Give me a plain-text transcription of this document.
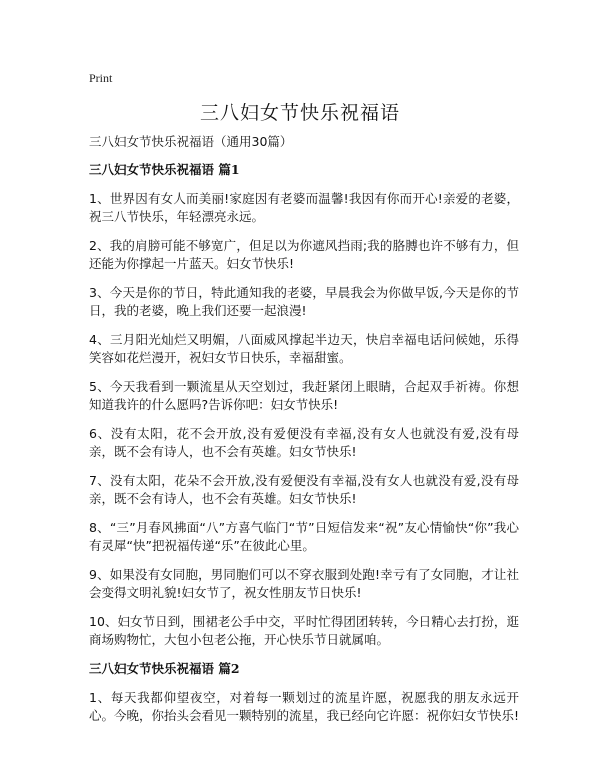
Print
三八妇女节快乐祝福语

三八妇女节快乐祝福语（通用30篇）

三八妇女节快乐祝福语 篇1

1、世界因有女人而美丽!家庭因有老婆而温馨!我因有你而开心!亲爱的老婆，祝三八节快乐，年轻漂亮永远。

2、我的肩膀可能不够宽广，但足以为你遮风挡雨;我的胳膊也许不够有力，但还能为你撑起一片蓝天。妇女节快乐!

3、今天是你的节日，特此通知我的老婆，早晨我会为你做早饭,今天是你的节日，我的老婆，晚上我们还要一起浪漫!

4、三月阳光灿烂又明媚，八面威风撑起半边天，快启幸福电话问候她，乐得笑容如花烂漫开，祝妇女节日快乐，幸福甜蜜。

5、今天我看到一颗流星从天空划过，我赶紧闭上眼睛，合起双手祈祷。你想知道我许的什么愿吗?告诉你吧：妇女节快乐!

6、没有太阳，花不会开放,没有爱便没有幸福,没有女人也就没有爱,没有母亲，既不会有诗人，也不会有英雄。妇女节快乐!

7、没有太阳，花朵不会开放,没有爱便没有幸福,没有女人也就没有爱,没有母亲，既不会有诗人，也不会有英雄。妇女节快乐!

8、“三”月春风拂面“八”方喜气临门“节”日短信发来“祝”友心情愉快“你”我心有灵犀“快”把祝福传递“乐”在彼此心里。

9、如果没有女同胞，男同胞们可以不穿衣服到处跑!幸亏有了女同胞，才让社会变得文明礼貌!妇女节了，祝女性朋友节日快乐!

10、妇女节日到，围裙老公手中交，平时忙得团团转转，今日精心去打扮，逛商场购物忙，大包小包老公拖，开心快乐节日就属咱。

三八妇女节快乐祝福语 篇2

1、每天我都仰望夜空，对着每一颗划过的流星许愿，祝愿我的朋友永远开心。今晚，你抬头会看见一颗特别的流星，我已经向它许愿：祝你妇女节快乐!
